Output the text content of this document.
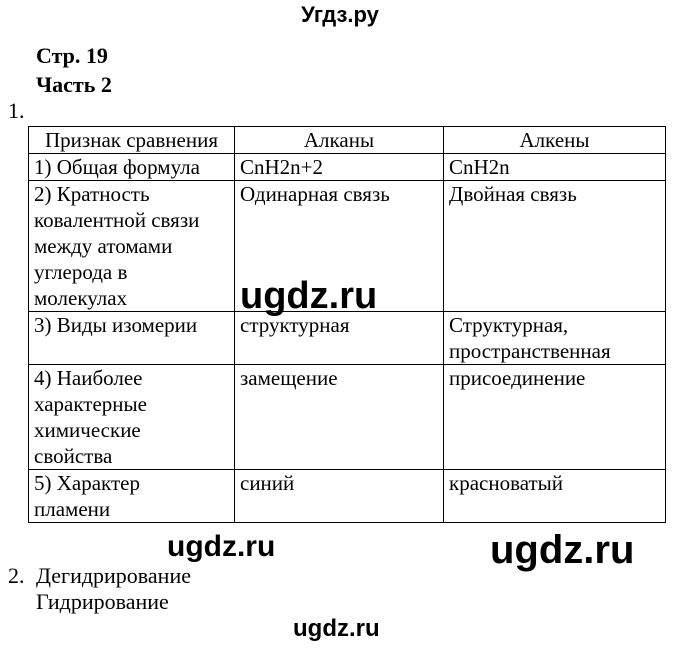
Угдз.ру
Стр. 19
Часть 2
1.
Признак сравнения	Алканы	Алкены

1) Общая формула	CnH2n+2	CnH2n

2) Кратность
ковалентной связи
между атомами
углерода в
молекулах	Одинарная связь	Двойная связь

3) Виды изомерии	структурная	Структурная,
пространственная

4) Наиболее
характерные
химические
свойства	замещение	присоединение

5) Характер
пламени	синий	красноватый
2. Дегидрирование
Гидрирование
ugdz.ru
ugdz.ru	ugdz.ru
ugdz.ru
